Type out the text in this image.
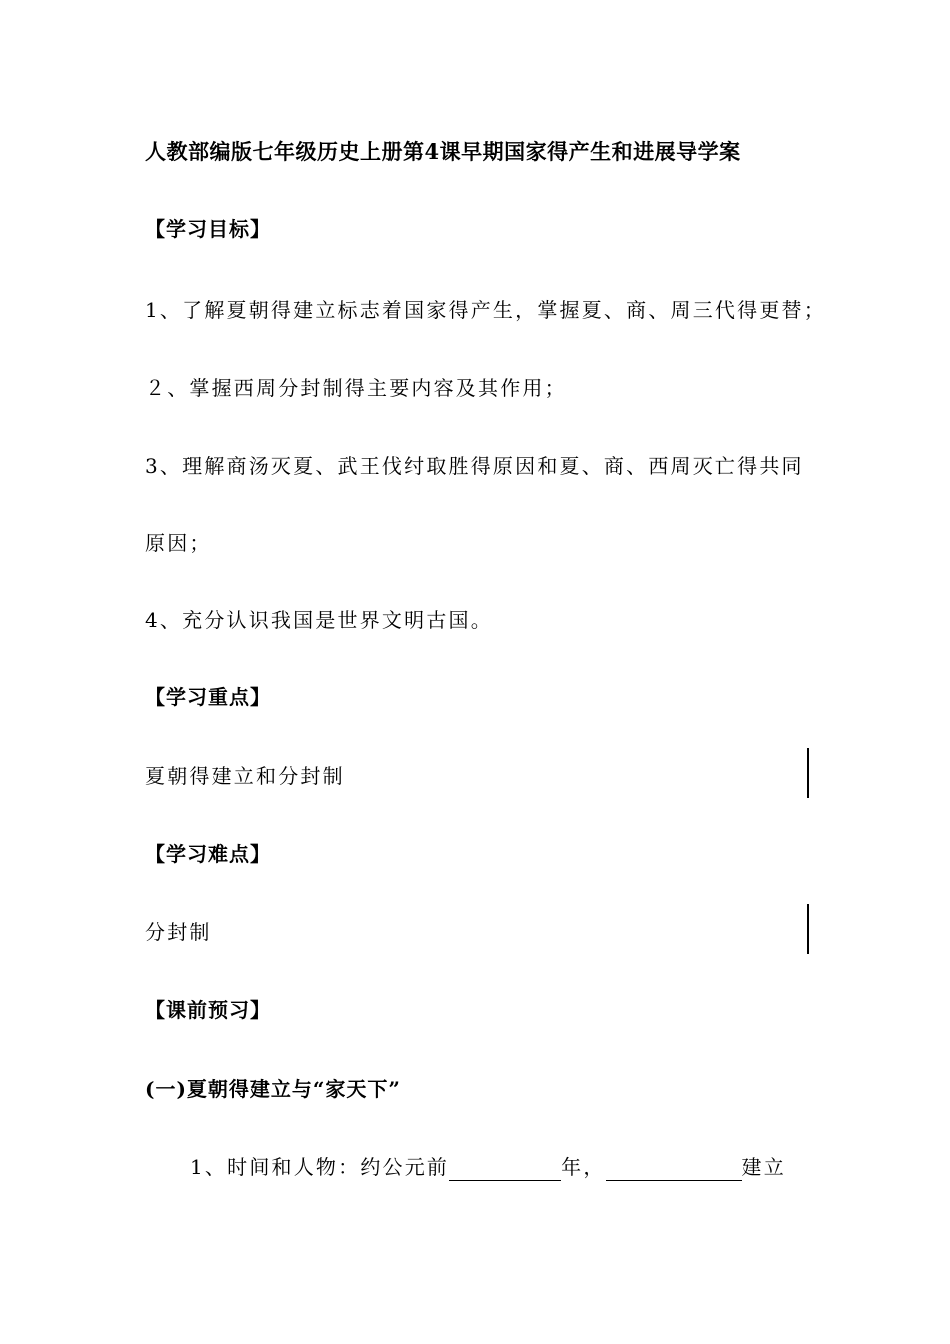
人教部编版七年级历史上册第4课早期国家得产生和进展导学案
【学习目标】
1、了解夏朝得建立标志着国家得产生，掌握夏、商、周三代得更替；
２、掌握西周分封制得主要内容及其作用；
3、理解商汤灭夏、武王伐纣取胜得原因和夏、商、西周灭亡得共同
原因；
4、充分认识我国是世界文明古国。
【学习重点】
夏朝得建立和分封制
【学习难点】
分封制
【课前预习】
(一)夏朝得建立与“家天下”
1、时间和人物：约公元前	年，	建立
